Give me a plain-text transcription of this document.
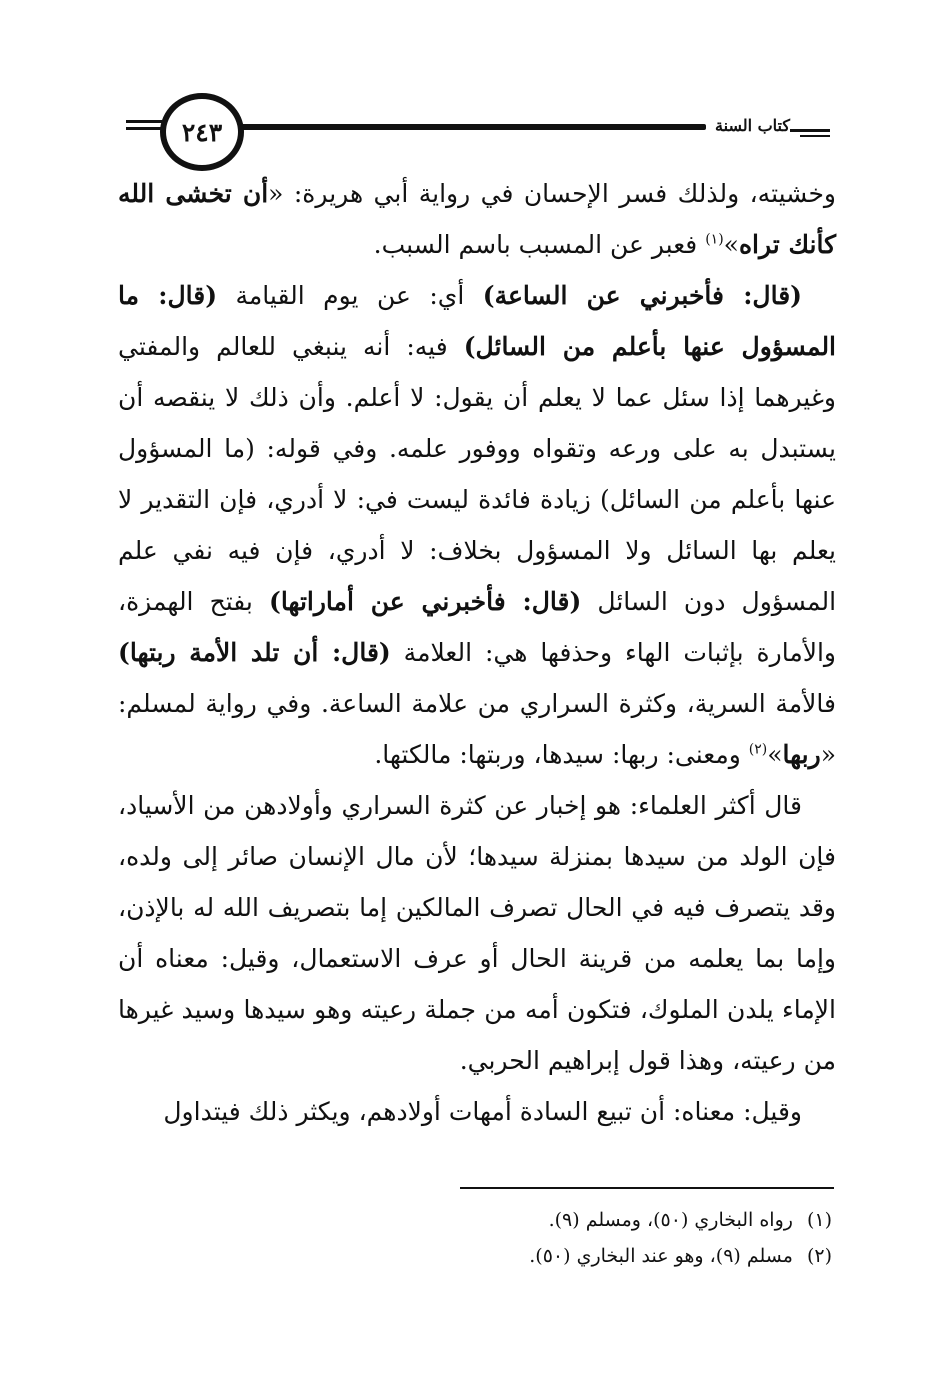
٢٤٣	كتاب السنة

وخشيته، ولذلك فسر الإحسان في رواية أبي هريرة: «أن تخشى الله كأنك تراه»$^{(١)}$ فعبر عن المسبب باسم السبب.

(قال: فأخبرني عن الساعة) أي: عن يوم القيامة (قال: ما المسؤول عنها بأعلم من السائل) فيه: أنه ينبغي للعالم والمفتي وغيرهما إذا سئل عما لا يعلم أن يقول: لا أعلم. وأن ذلك لا ينقصه أن يستبدل به على ورعه وتقواه ووفور علمه. وفي قوله: (ما المسؤول عنها بأعلم من السائل) زيادة فائدة ليست في: لا أدري، فإن التقدير لا يعلم بها السائل ولا المسؤول بخلاف: لا أدري، فإن فيه نفي علم المسؤول دون السائل (قال: فأخبرني عن أماراتها) بفتح الهمزة، والأمارة بإثبات الهاء وحذفها هي: العلامة (قال: أن تلد الأمة ربتها) فالأمة السرية، وكثرة السراري من علامة الساعة. وفي رواية لمسلم: «ربها»$^{(٢)}$ ومعنى: ربها: سيدها، وربتها: مالكتها.

قال أكثر العلماء: هو إخبار عن كثرة السراري وأولادهن من الأسياد، فإن الولد من سيدها بمنزلة سيدها؛ لأن مال الإنسان صائر إلى ولده، وقد يتصرف فيه في الحال تصرف المالكين إما بتصريف الله له بالإذن، وإما بما يعلمه من قرينة الحال أو عرف الاستعمال، وقيل: معناه أن الإماء يلدن الملوك، فتكون أمه من جملة رعيته وهو سيدها وسيد غيرها من رعيته، وهذا قول إبراهيم الحربي.

وقيل: معناه: أن تبيع السادة أمهات أولادهم، ويكثر ذلك فيتداول

(١)رواه البخاري (٥٠)، ومسلم (٩).
(٢)مسلم (٩)، وهو عند البخاري (٥٠).
